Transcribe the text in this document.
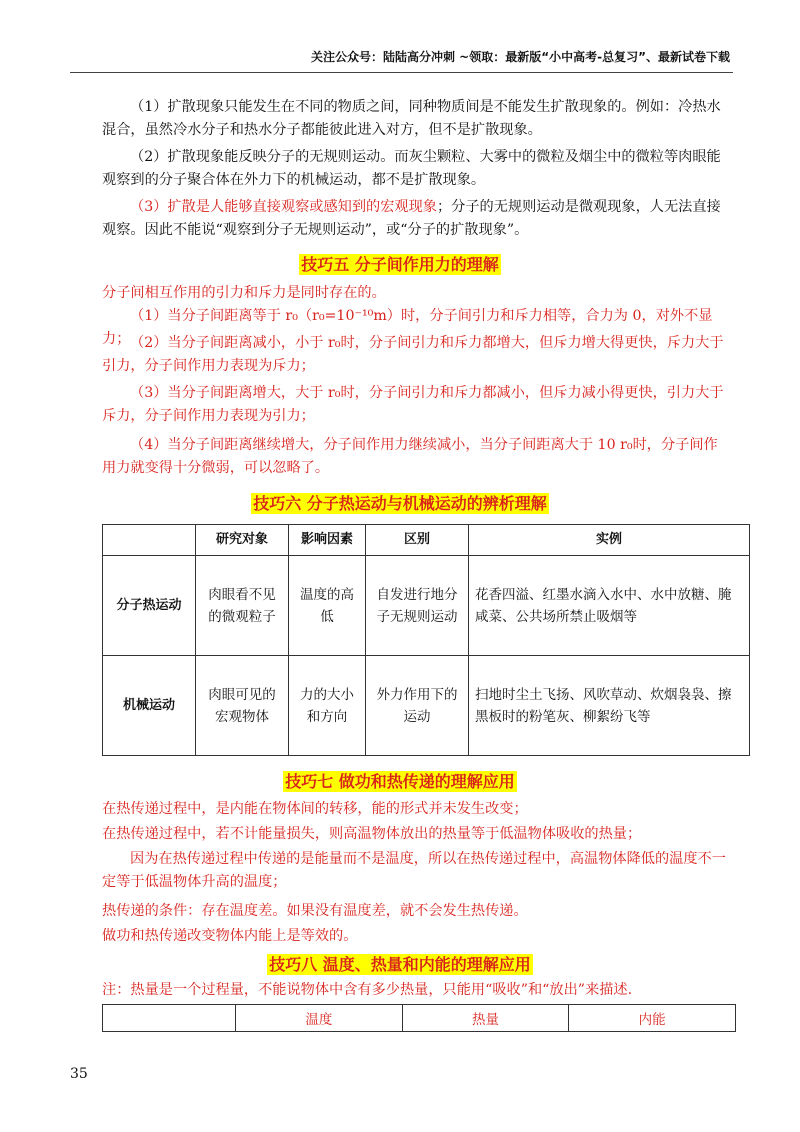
关注公众号：陆陆高分冲刺 ~领取：最新版“小中高考-总复习”、最新试卷下载

（1）扩散现象只能发生在不同的物质之间，同种物质间是不能发生扩散现象的。例如：冷热水混合，虽然冷水分子和热水分子都能彼此进入对方，但不是扩散现象。

（2）扩散现象能反映分子的无规则运动。而灰尘颗粒、大雾中的微粒及烟尘中的微粒等肉眼能观察到的分子聚合体在外力下的机械运动，都不是扩散现象。

（3）扩散是人能够直接观察或感知到的宏观现象；分子的无规则运动是微观现象，人无法直接观察。因此不能说“观察到分子无规则运动”，或“分子的扩散现象”。

技巧五 分子间作用力的理解

分子间相互作用的引力和斥力是同时存在的。

（1）当分子间距离等于 r₀（r₀=10⁻¹⁰m）时，分子间引力和斥力相等，合力为 0，对外不显力； （2）当分子间距离减小，小于 r₀时，分子间引力和斥力都增大，但斥力增大得更快，斥力大于引力，分子间作用力表现为斥力；

（3）当分子间距离增大，大于 r₀时，分子间引力和斥力都减小，但斥力减小得更快，引力大于斥力，分子间作用力表现为引力；

（4）当分子间距离继续增大，分子间作用力继续减小，当分子间距离大于 10 r₀时，分子间作用力就变得十分微弱，可以忽略了。

技巧六 分子热运动与机械运动的辨析理解
	研究对象	影响因素	区别	实例
分子热运动	肉眼看不见的微观粒子	温度的高低	自发进行地分子无规则运动	花香四溢、红墨水滴入水中、水中放糖、腌咸菜、公共场所禁止吸烟等
机械运动	肉眼可见的宏观物体	力的大小和方向	外力作用下的运动	扫地时尘土飞扬、风吹草动、炊烟袅袅、擦黑板时的粉笔灰、柳絮纷飞等
技巧七 做功和热传递的理解应用

在热传递过程中，是内能在物体间的转移，能的形式并未发生改变；

在热传递过程中，若不计能量损失，则高温物体放出的热量等于低温物体吸收的热量；

因为在热传递过程中传递的是能量而不是温度，所以在热传递过程中，高温物体降低的温度不一定等于低温物体升高的温度；

热传递的条件：存在温度差。如果没有温度差，就不会发生热传递。

做功和热传递改变物体内能上是等效的。

技巧八 温度、热量和内能的理解应用

注：热量是一个过程量，不能说物体中含有多少热量，只能用“吸收”和“放出”来描述.

	温度	热量	内能
35
